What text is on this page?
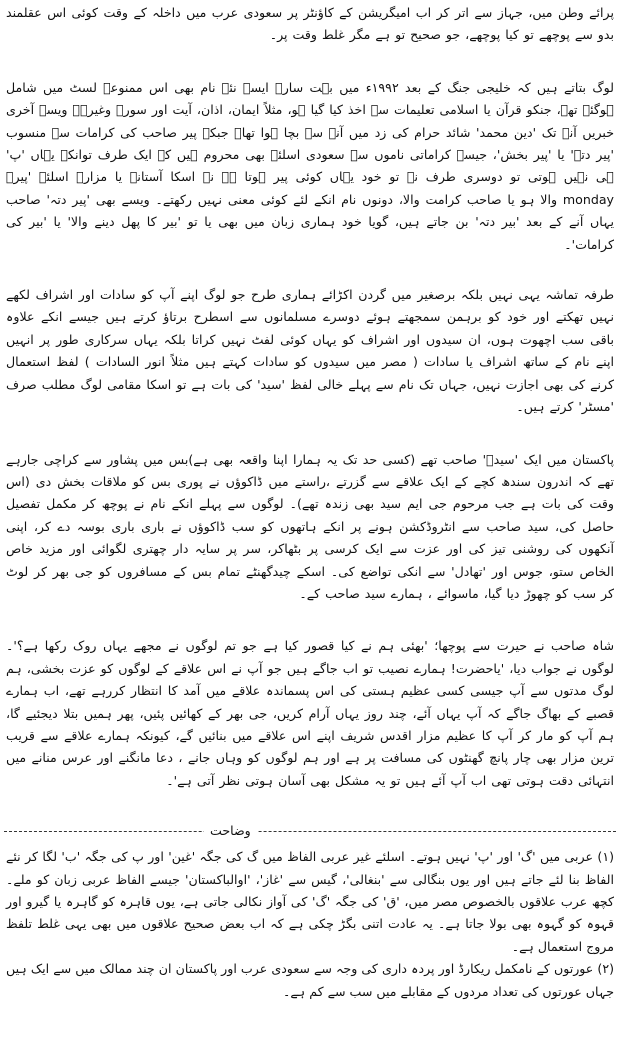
پرائے وطن میں، جہاز سے اتر کر اب امیگریشن کے کاؤنٹر پر سعودی عرب میں داخلہ کے وقت کوئی اس عقلمند بدو سے پوچھے تو کیا پوچھے، جو صحیح تو ہے مگر غلط وقت پر۔

لوگ بتاتے ہیں کہ خلیجی جنگ کے بعد ۱۹۹۲ء میں بہت سارے ایسے نئے نام بھی اس ممنوعہ لسٹ میں شامل ہوگئے تھے، جنکو قرآن یا اسلامی تعلیمات سے اخذ کیا گیا ہو، مثلاً ایمان، اذان، آیت اور سورۃ وغیرہ۔ ویسے آخری خبریں آنے تک 'دین محمد' شائد حرام کی زد میں آنے سے بچا ہوا تھا۔ جبکہ پیر صاحب کی کرامات سے منسوب 'پیر دتہ' یا 'پیر بخش'، جیسے کراماتی ناموں سے سعودی اسلئے بھی محروم ہیں کہ ایک طرف توانکے یہاں 'پ' ہی نہیں ہوتی تو دوسری طرف نہ تو خود یہاں کوئی پیر ہوتا ہے نہ اسکا آستانہ یا مزار۔ اسلئے 'پیرؔ monday والا ہو یا صاحب کرامت والا، دونوں نام انکے لئے کوئی معنی نہیں رکھتے۔ ویسے بھی 'پیر دتہ' صاحب یہاں آنے کے بعد 'بیر دتہ' بن جاتے ہیں، گویا خود ہماری زبان میں بھی یا تو 'بیر کا پھل دینے والا' یا 'بیر کی کرامات'۔

طرفہ تماشہ یہی نہیں بلکہ برصغیر میں گردن اکڑائے ہماری طرح جو لوگ اپنے آپ کو سادات اور اشراف لکھے نہیں تھکتے اور خود کو برہمن سمجھتے ہوئے دوسرے مسلمانوں سے اسطرح برتاؤ کرتے ہیں جیسے انکے علاوہ باقی سب اچھوت ہوں، ان سیدوں اور اشراف کو یہاں کوئی لفٹ نہیں کراتا بلکہ یہاں سرکاری طور پر انہیں اپنے نام کے ساتھ اشراف یا سادات ( مصر میں سیدوں کو سادات کہتے ہیں مثلاً انور السادات ) لفظ استعمال کرنے کی بھی اجازت نہیں، جہاں تک نام سے پہلے خالی لفظ 'سید' کی بات ہے تو اسکا مقامی لوگ مطلب صرف 'مسٹر' کرتے ہیں۔

پاکستان میں ایک 'سیدؔ' صاحب تھے (کسی حد تک یہ ہمارا اپنا واقعہ بھی ہے)بس میں پشاور سے کراچی جارہے تھے کہ اندرون سندھ کچے کے ایک علاقے سے گزرتے ،راستے میں ڈاکوؤں نے پوری بس کو ملاقات بخش دی (اس وقت کی بات ہے جب مرحوم جی ایم سید بھی زندہ تھے)۔ لوگوں سے پہلے انکے نام نے پوچھ کر مکمل تفصیل حاصل کی، سید صاحب سے انٹروڈکشن ہونے پر انکے ہاتھوں کو سب ڈاکوؤں نے باری باری بوسہ دے کر، اپنی آنکھوں کی روشنی تیز کی اور عزت سے ایک کرسی پر بٹھاکر، سر پر سایہ دار چھتری لگوائی اور مزید خاص الخاص ستو، جوس اور 'تھادل' سے انکی تواضع کی۔ اسکے چیدگھنٹے تمام بس کے مسافروں کو جی بھر کر لوٹ کر سب کو چھوڑ دیا گیا، ماسوائے ، ہمارے سید صاحب کے۔

شاہ صاحب نے حیرت سے پوچھا؛ 'بھئی ہم نے کیا قصور کیا ہے جو تم لوگوں نے مجھے یہاں روک رکھا ہے؟'۔ لوگوں نے جواب دیا، 'یاحضرت! ہمارے نصیب تو اب جاگے ہیں جو آپ نے اس علاقے کے لوگوں کو عزت بخشی، ہم لوگ مدتوں سے آپ جیسی کسی عظیم ہستی کی اس پسماندہ علاقے میں آمد کا انتظار کررہے تھے، اب ہمارے قصبے کے بھاگ جاگے کہ آپ یہاں آئے، چند روز یہاں آرام کریں، جی بھر کے کھائیں پئیں، پھر ہمیں بتلا دیجئیے گا، ہم آپ کو مار کر آپ کا عظیم مزار اقدس شریف اپنے اس علاقے میں بنائیں گے، کیونکہ ہمارے علاقے سے قریب ترین مزار بھی چار پانچ گھنٹوں کی مسافت پر ہے اور ہم لوگوں کو وہاں جانے ، دعا مانگنے اور عرس منانے میں انتہائی دقت ہوتی تھی اب آپ آئے ہیں تو یہ مشکل بھی آسان ہوتی نظر آتی ہے'۔

وضاحت

(۱) عربی میں 'گ' اور 'پ' نہیں ہوتے۔ اسلئے غیر عربی الفاظ میں گ کی جگہ 'غین' اور پ کی جگہ 'ب' لگا کر نئے الفاظ بنا لئے جاتے ہیں اور یوں بنگالی سے 'بنغالی'، گیس سے 'غاز'، 'اوالباکستان' جیسے الفاظ عربی زبان کو ملے۔ کچھ عرب علاقوں بالخصوص مصر میں، 'ق' کی جگہ 'گ' کی آواز نکالی جاتی ہے، یوں قاہرہ کو گاہرہ یا گیرو اور قہوہ کو گہوہ بھی بولا جاتا ہے۔ یہ عادت اتنی بگڑ چکی ہے کہ اب بعض صحیح علاقوں میں بھی یہی غلط تلفظ مروج استعمال ہے۔

(۲) عورتوں کے نامکمل ریکارڈ اور پردہ داری کی وجہ سے سعودی عرب اور پاکستان ان چند ممالک میں سے ایک ہیں جہاں عورتوں کی تعداد مردوں کے مقابلے میں سب سے کم ہے۔
